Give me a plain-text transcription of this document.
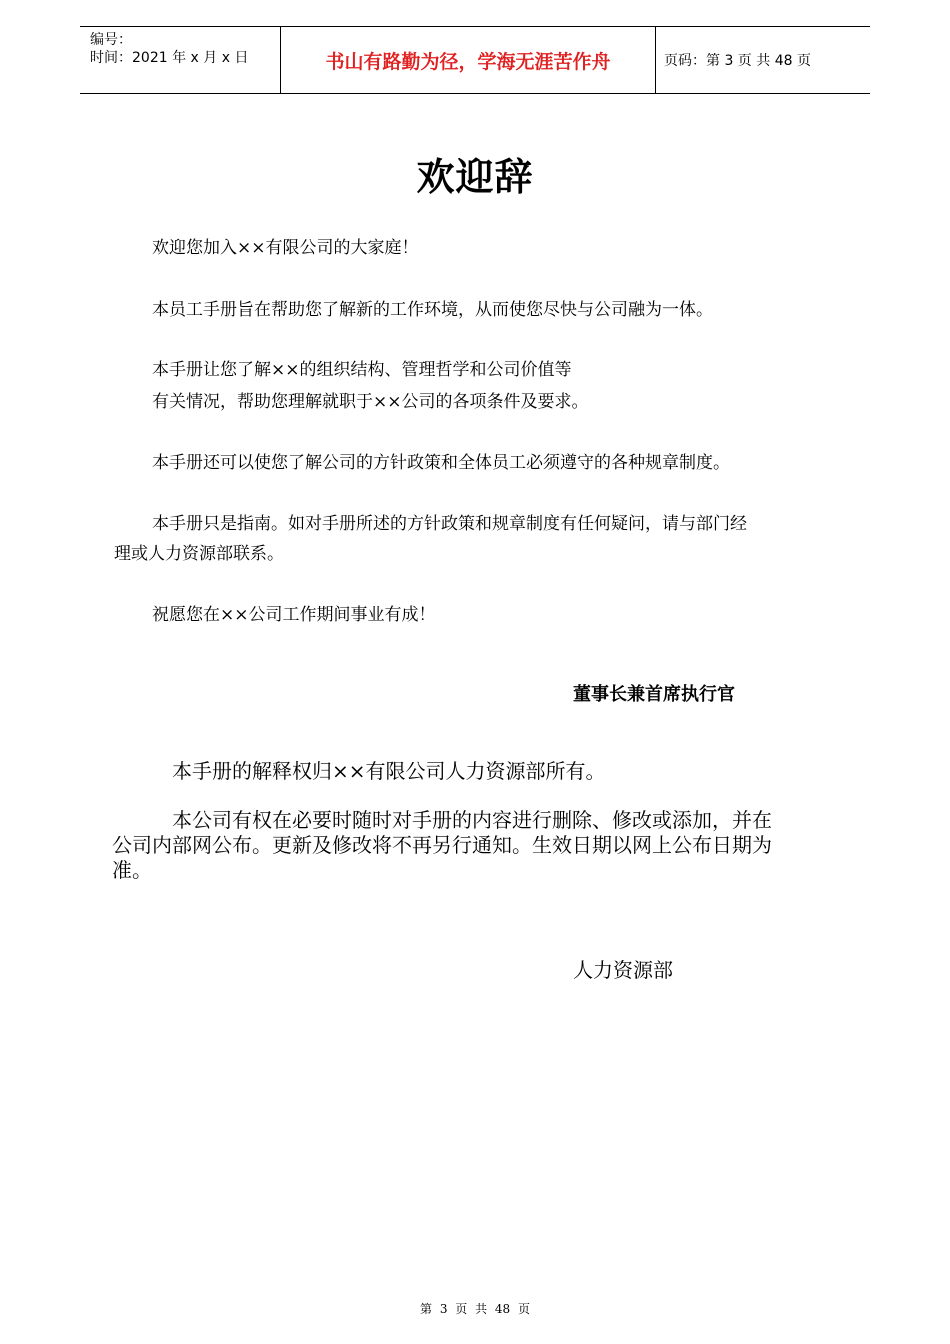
编号：
时间：2021 年 x 月 x 日	书山有路勤为径，学海无涯苦作舟	页码：第 3 页 共 48 页
欢迎辞
欢迎您加入××有限公司的大家庭！
本员工手册旨在帮助您了解新的工作环境，从而使您尽快与公司融为一体。
本手册让您了解××的组织结构、管理哲学和公司价值等
有关情况，帮助您理解就职于××公司的各项条件及要求。
本手册还可以使您了解公司的方针政策和全体员工必须遵守的各种规章制度。
本手册只是指南。如对手册所述的方针政策和规章制度有任何疑问，请与部门经
理或人力资源部联系。
祝愿您在××公司工作期间事业有成！
董事长兼首席执行官
本手册的解释权归××有限公司人力资源部所有。
本公司有权在必要时随时对手册的内容进行删除、修改或添加，并在
公司内部网公布。更新及修改将不再另行通知。生效日期以网上公布日期为
准。
人力资源部
第 3 页 共 48 页
